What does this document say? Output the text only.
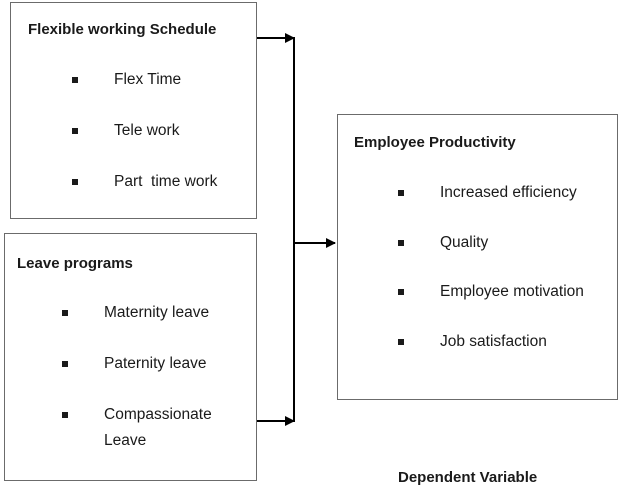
Flexible working Schedule
Flex Time
Tele work
Part  time work
Leave programs
Maternity leave
Paternity leave
Compassionate
Leave
Employee Productivity
Increased efficiency
Quality
Employee motivation
Job satisfaction
Dependent Variable
